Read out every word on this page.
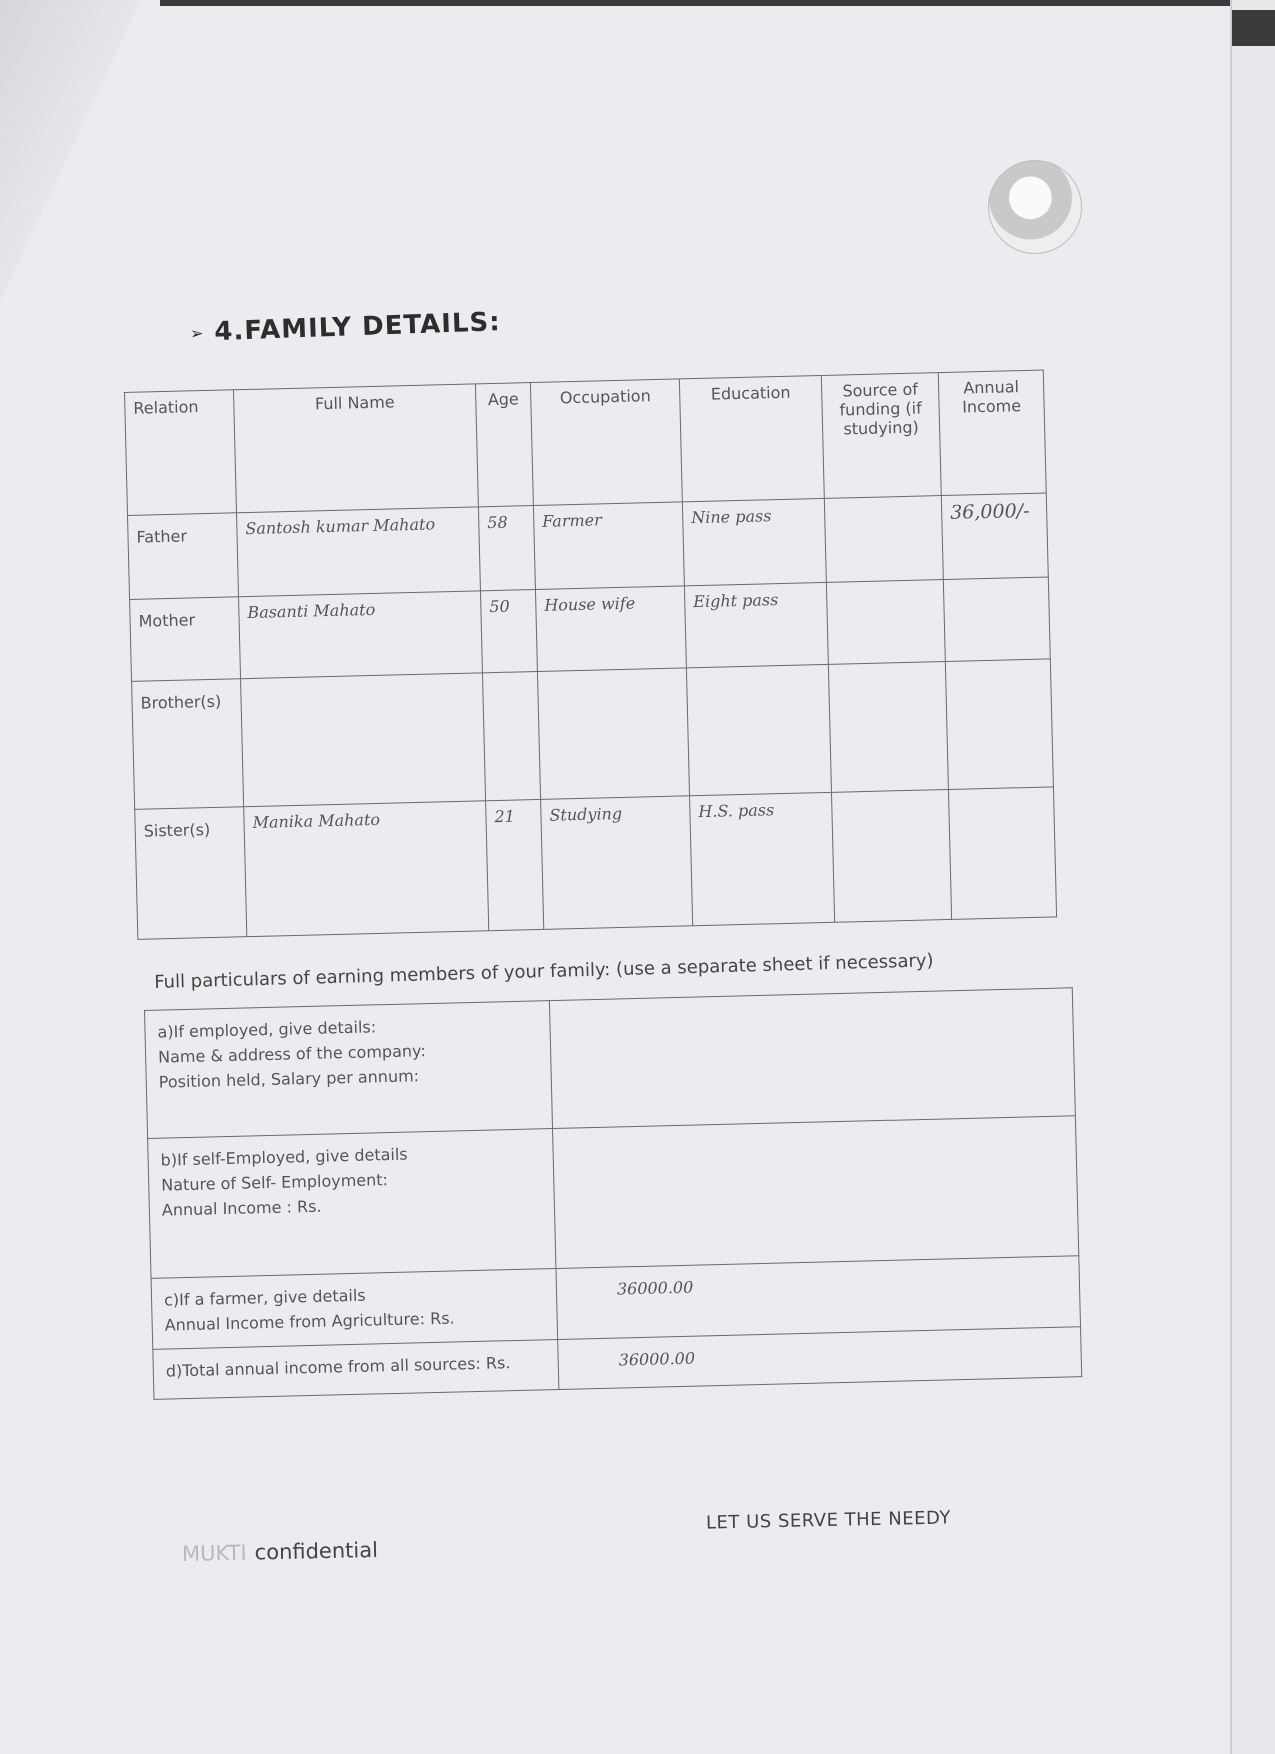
➢ 4.FAMILY DETAILS:
Relation	Full Name	Age	Occupation	Education	Source of funding (if studying)	Annual Income
Father	Santosh kumar Mahato	58	Farmer	Nine pass		36,000/-
Mother	Basanti Mahato	50	House wife	Eight pass		
Brother(s)						
Sister(s)	Manika Mahato	21	Studying	H.S. pass		
Full particulars of earning members of your family: (use a separate sheet if necessary)
a)If employed, give details:
Name & address of the company:
Position held, Salary per annum:	
b)If self-Employed, give details
Nature of Self- Employment:
Annual Income : Rs.	
c)If a farmer, give details
Annual Income from Agriculture: Rs.	36000.00
d)Total annual income from all sources: Rs.	36000.00
MUKTI confidential
LET US SERVE THE NEEDY
